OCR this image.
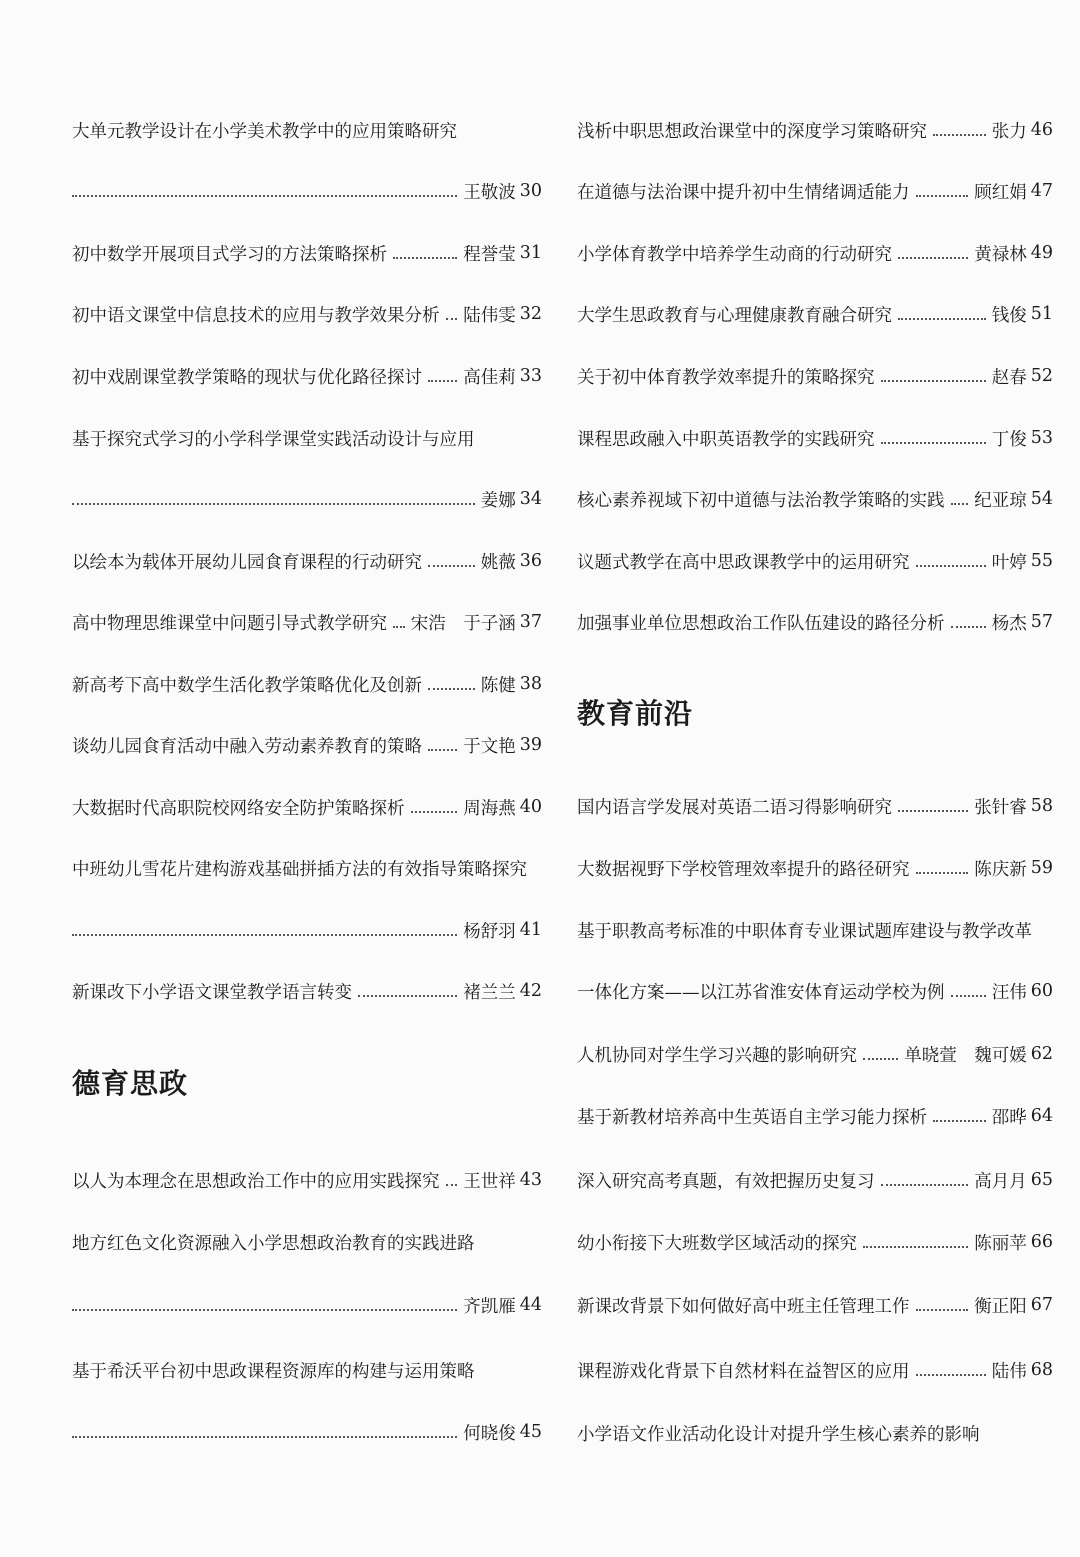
大单元教学设计在小学美术教学中的应用策略研究
王敬波 30
初中数学开展项目式学习的方法策略探析	程誉莹 31
初中语文课堂中信息技术的应用与教学效果分析 陆伟雯 32
初中戏剧课堂教学策略的现状与优化路径探讨 高佳莉 33
基于探究式学习的小学科学课堂实践活动设计与应用
姜娜 34
以绘本为载体开展幼儿园食育课程的行动研究	姚薇 36
高中物理思维课堂中问题引导式教学研究 宋浩　于子涵 37
新高考下高中数学生活化教学策略优化及创新	陈健 38
谈幼儿园食育活动中融入劳动素养教育的策略 于文艳 39
大数据时代高职院校网络安全防护策略探析	周海燕 40
中班幼儿雪花片建构游戏基础拼插方法的有效指导策略探究
杨舒羽 41
新课改下小学语文课堂教学语言转变	褚兰兰 42
德育思政
以人为本理念在思想政治工作中的应用实践探究 王世祥 43
地方红色文化资源融入小学思想政治教育的实践进路
齐凯雁 44
基于希沃平台初中思政课程资源库的构建与运用策略
何晓俊 45
浅析中职思想政治课堂中的深度学习策略研究	张力 46
在道德与法治课中提升初中生情绪调适能力	顾红娟 47
小学体育教学中培养学生动商的行动研究	黄禄林 49
大学生思政教育与心理健康教育融合研究	钱俊 51
关于初中体育教学效率提升的策略探究	赵春 52
课程思政融入中职英语教学的实践研究	丁俊 53
核心素养视域下初中道德与法治教学策略的实践 纪亚琼 54
议题式教学在高中思政课教学中的运用研究	叶婷 55
加强事业单位思想政治工作队伍建设的路径分析	杨杰 57
教育前沿
国内语言学发展对英语二语习得影响研究	张针睿 58
大数据视野下学校管理效率提升的路径研究	陈庆新 59
基于职教高考标准的中职体育专业课试题库建设与教学改革
一体化方案——以江苏省淮安体育运动学校为例	汪伟 60
人机协同对学生学习兴趣的影响研究	单晓萱　魏可媛 62
基于新教材培养高中生英语自主学习能力探析	邵晔 64
深入研究高考真题，有效把握历史复习	高月月 65
幼小衔接下大班数学区域活动的探究	陈丽苹 66
新课改背景下如何做好高中班主任管理工作	衡正阳 67
课程游戏化背景下自然材料在益智区的应用	陆伟 68
小学语文作业活动化设计对提升学生核心素养的影响
